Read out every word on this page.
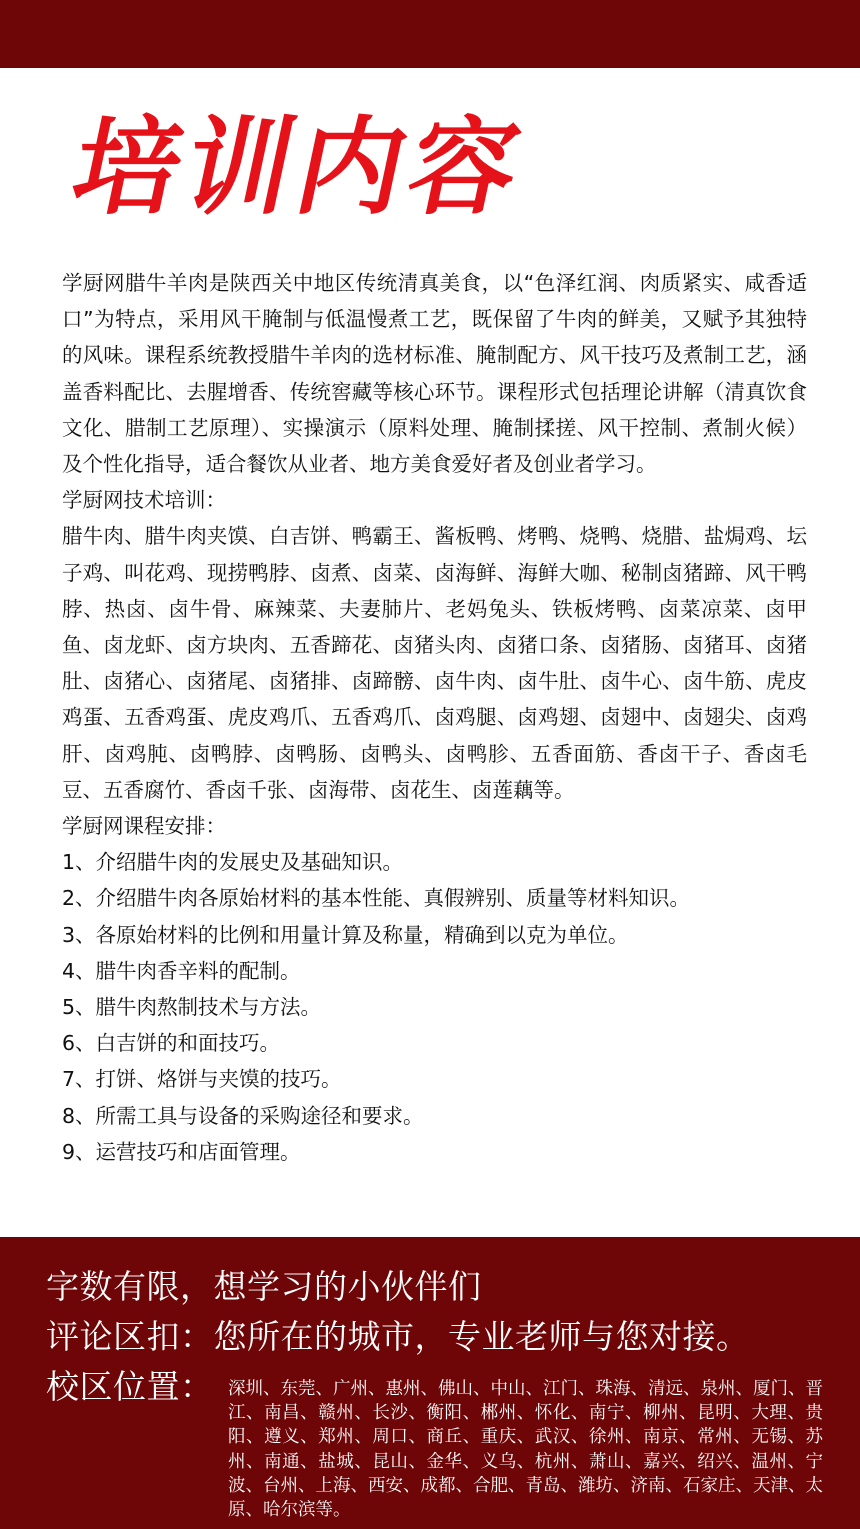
培训内容

学厨网腊牛羊肉是陕西关中地区传统清真美食，以“色泽红润、肉质紧实、咸香适口”为特点，采用风干腌制与低温慢煮工艺，既保留了牛肉的鲜美，又赋予其独特的风味。课程系统教授腊牛羊肉的选材标准、腌制配方、风干技巧及煮制工艺，涵盖香料配比、去腥增香、传统窖藏等核心环节。课程形式包括理论讲解（清真饮食文化、腊制工艺原理）、实操演示（原料处理、腌制揉搓、风干控制、煮制火候）及个性化指导，适合餐饮从业者、地方美食爱好者及创业者学习。

学厨网技术培训：

腊牛肉、腊牛肉夹馍、白吉饼、鸭霸王、酱板鸭、烤鸭、烧鸭、烧腊、盐焗鸡、坛子鸡、叫花鸡、现捞鸭脖、卤煮、卤菜、卤海鲜、海鲜大咖、秘制卤猪蹄、风干鸭脖、热卤、卤牛骨、麻辣菜、夫妻肺片、老妈兔头、铁板烤鸭、卤菜凉菜、卤甲鱼、卤龙虾、卤方块肉、五香蹄花、卤猪头肉、卤猪口条、卤猪肠、卤猪耳、卤猪肚、卤猪心、卤猪尾、卤猪排、卤蹄髈、卤牛肉、卤牛肚、卤牛心、卤牛筋、虎皮鸡蛋、五香鸡蛋、虎皮鸡爪、五香鸡爪、卤鸡腿、卤鸡翅、卤翅中、卤翅尖、卤鸡肝、卤鸡肫、卤鸭脖、卤鸭肠、卤鸭头、卤鸭胗、五香面筋、香卤干子、香卤毛豆、五香腐竹、香卤千张、卤海带、卤花生、卤莲藕等。

学厨网课程安排：
1、介绍腊牛肉的发展史及基础知识。
2、介绍腊牛肉各原始材料的基本性能、真假辨别、质量等材料知识。
3、各原始材料的比例和用量计算及称量，精确到以克为单位。
4、腊牛肉香辛料的配制。
5、腊牛肉熬制技术与方法。
6、白吉饼的和面技巧。
7、打饼、烙饼与夹馍的技巧。
8、所需工具与设备的采购途径和要求。
9、运营技巧和店面管理。
字数有限，想学习的小伙伴们
评论区扣：您所在的城市，专业老师与您对接。
校区位置： 深圳、东莞、广州、惠州、佛山、中山、江门、珠海、清远、泉州、厦门、晋江、南昌、赣州、长沙、衡阳、郴州、怀化、南宁、柳州、昆明、大理、贵阳、遵义、郑州、周口、商丘、重庆、武汉、徐州、南京、常州、无锡、苏州、南通、盐城、昆山、金华、义乌、杭州、萧山、嘉兴、绍兴、温州、宁波、台州、上海、西安、成都、合肥、青岛、潍坊、济南、石家庄、天津、太原、哈尔滨等。
